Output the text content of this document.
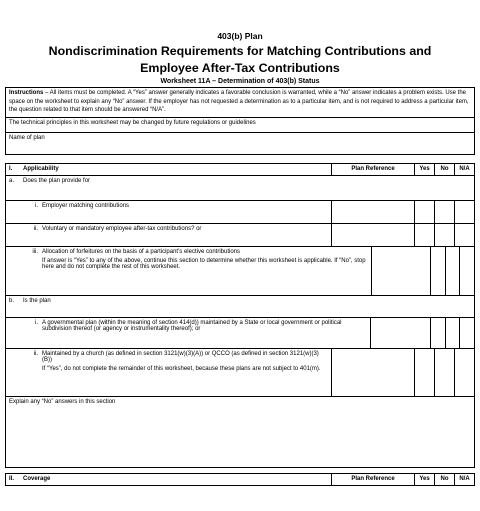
403(b) Plan
Nondiscrimination Requirements for Matching Contributions and
Employee After-Tax Contributions
Worksheet 11A – Determination of 403(b) Status
Instructions – All items must be completed. A “Yes” answer generally indicates a favorable conclusion is warranted, while a “No” answer indicates a problem exists. Use the space on the worksheet to explain any “No” answer. If the employer has not requested a determination as to a particular item, and is not required to address a particular item, the question related to that item should be answered “N/A”.
The technical principles in this worksheet may be changed by future regulations or guidelines
Name of plan
I. Applicability	Plan Reference	Yes	No	N/A
a. Does the plan provide for
i. Employer matching contributions
ii. Voluntary or mandatory employee after-tax contributions? or
iii. Allocation of forfeitures on the basis of a participant’s elective contributions

If answer is “Yes” to any of the above, continue this section to determine whether this worksheet is applicable. If “No”, stop here and do not complete the rest of this worksheet.

b. Is the plan
i. A governmental plan (within the meaning of section 414(d)) maintained by a State or local government or political subdivision thereof (or agency or instrumentality thereof); or
ii. Maintained by a church (as defined in section 3121(w)(3)(A)) or QCCO (as defined in section 3121(w)(3)(B))

If “Yes”, do not complete the remainder of this worksheet, because these plans are not subject to 401(m).

Explain any “No” answers in this section
II. Coverage	Plan Reference	Yes	No	N/A
